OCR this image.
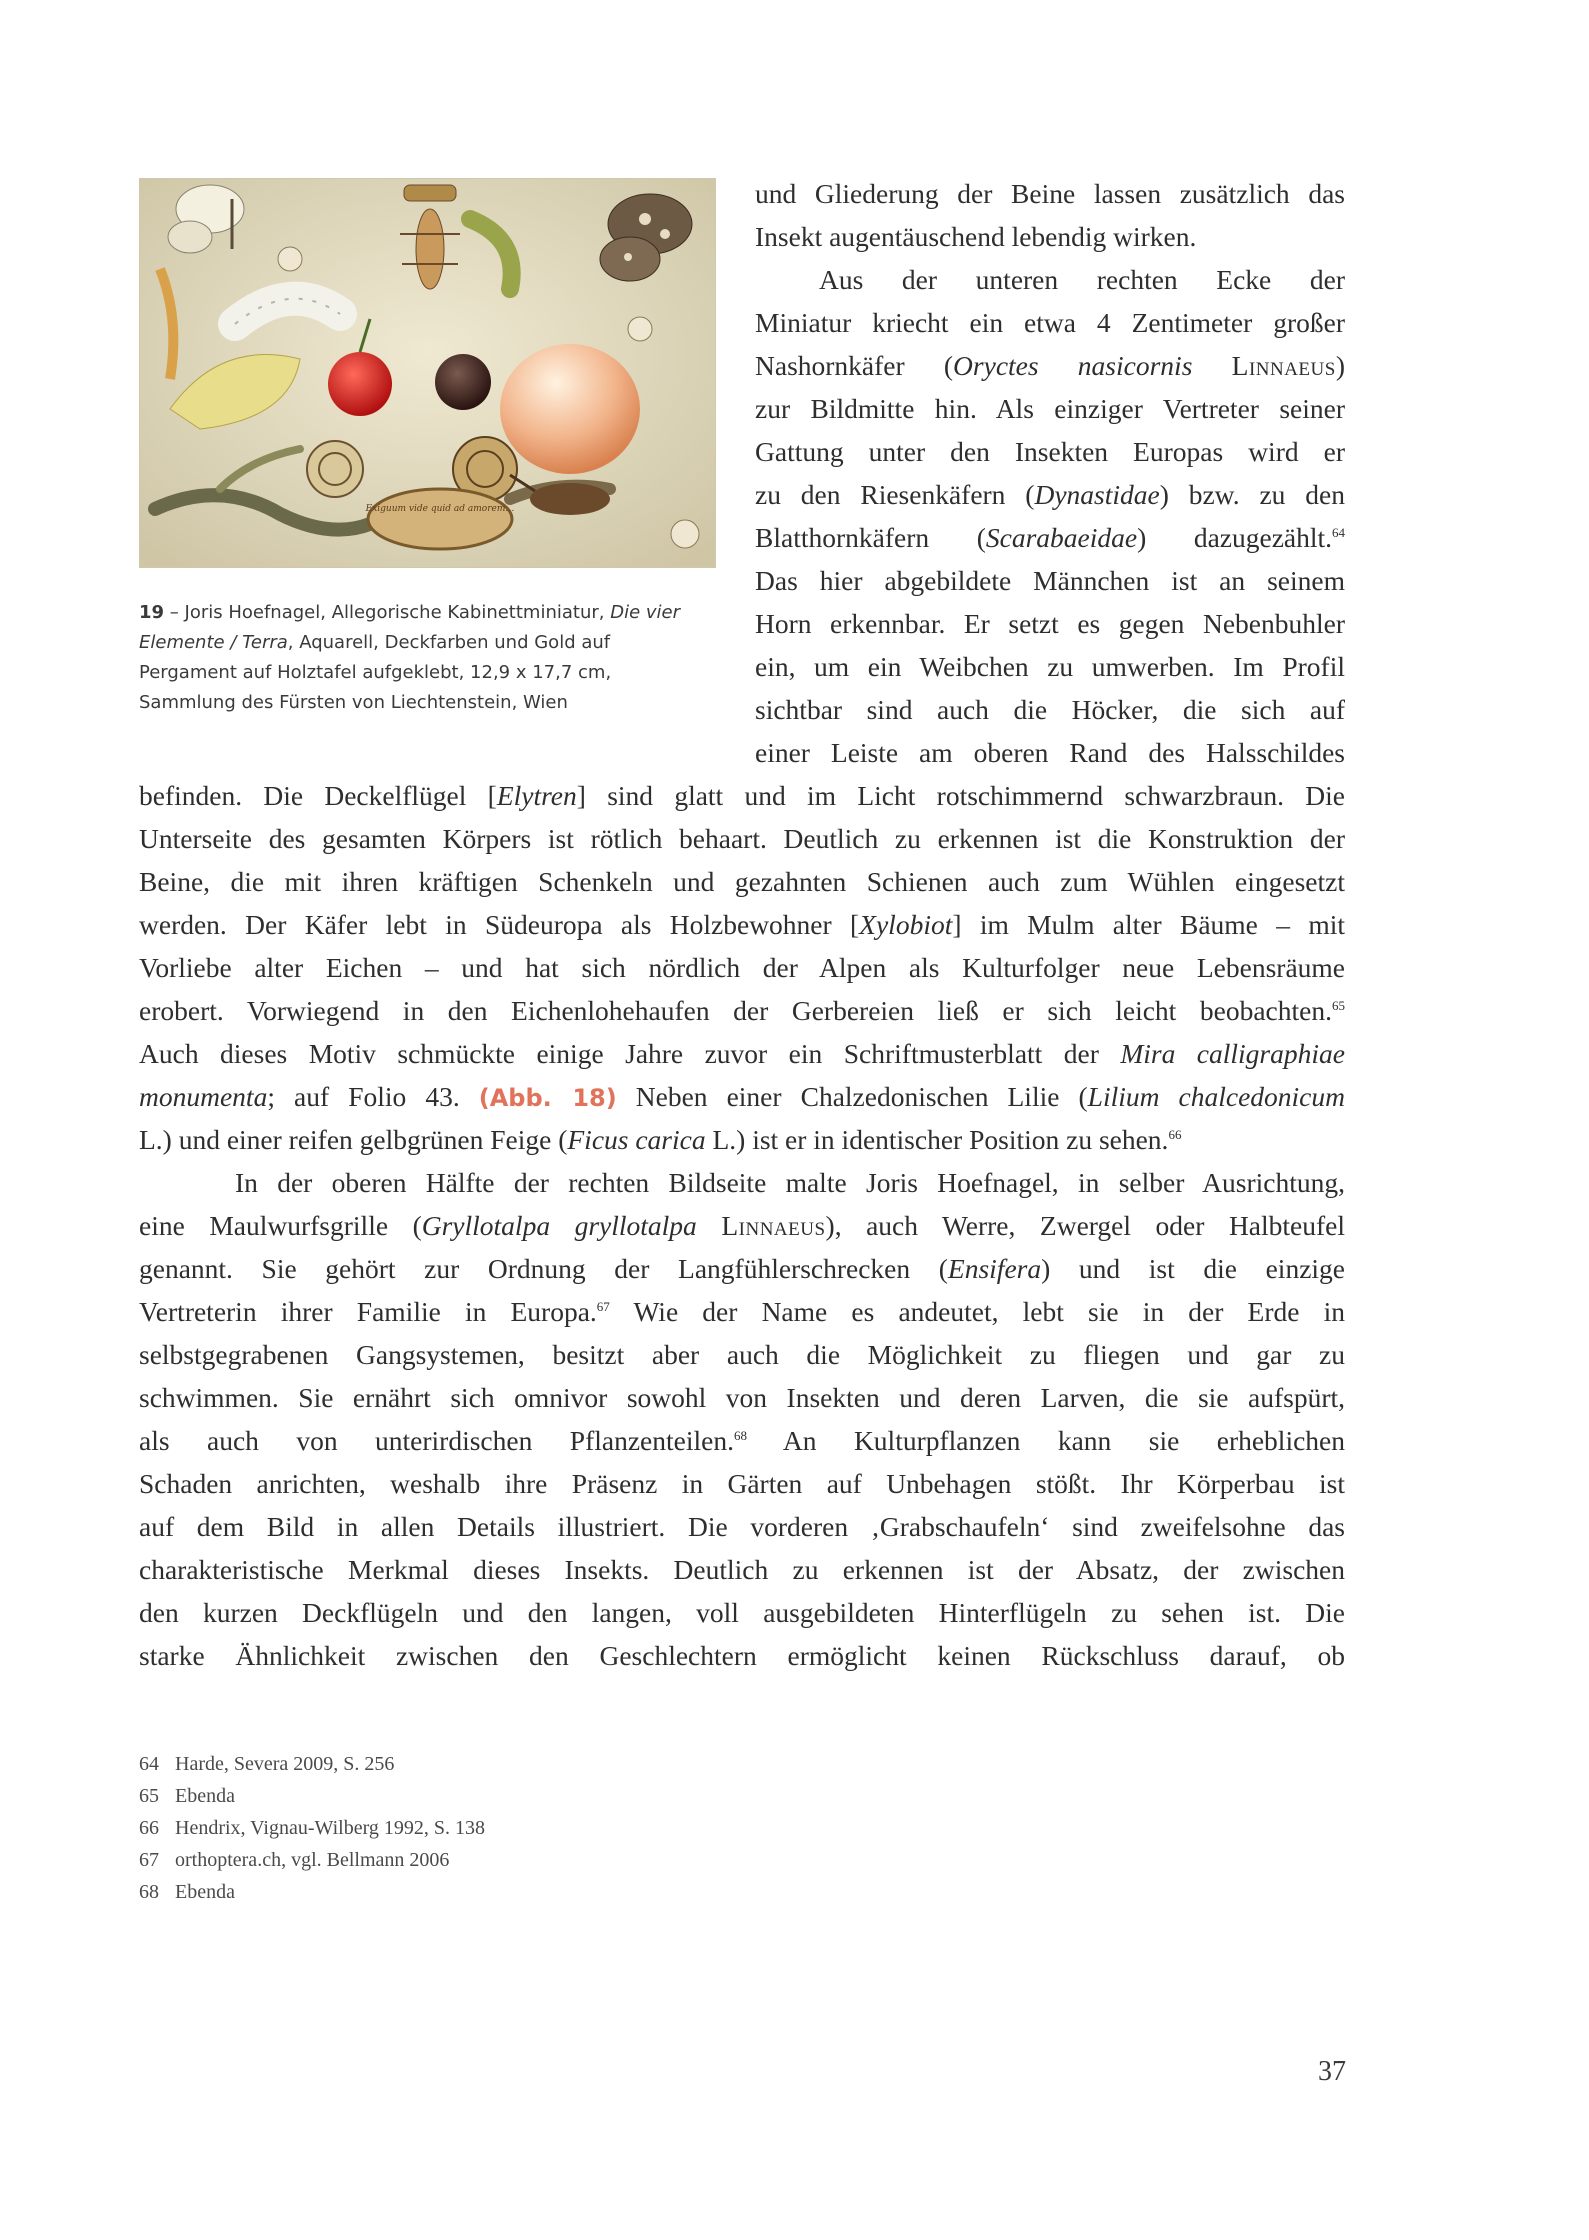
Exiguum vide quid ad amorem…
19 – Joris Hoefnagel, Allegorische Kabinettminiatur, Die vier Elemente / Terra, Aquarell, Deckfarben und Gold auf Pergament auf Holztafel aufgeklebt, 12,9 x 17,7 cm, Sammlung des Fürsten von Liechtenstein, Wien
und Gliederung der Beine lassen zusätzlich das
Insekt augentäuschend lebendig wirken.
Aus der unteren rechten Ecke der
Miniatur kriecht ein etwa 4 Zentimeter großer
Nashornkäfer (Oryctes nasicornis Linnaeus)
zur Bildmitte hin. Als einziger Vertreter seiner
Gattung unter den Insekten Europas wird er
zu den Riesenkäfern (Dynastidae) bzw. zu den
Blatthornkäfern (Scarabaeidae) dazugezählt.$^{64}$
Das hier abgebildete Männchen ist an seinem
Horn erkennbar. Er setzt es gegen Nebenbuhler
ein, um ein Weibchen zu umwerben. Im Profil
sichtbar sind auch die Höcker, die sich auf
einer Leiste am oberen Rand des Halsschildes
befinden. Die Deckelflügel [Elytren] sind glatt und im Licht rotschimmernd schwarzbraun. Die
Unterseite des gesamten Körpers ist rötlich behaart. Deutlich zu erkennen ist die Konstruktion der
Beine, die mit ihren kräftigen Schenkeln und gezahnten Schienen auch zum Wühlen eingesetzt
werden. Der Käfer lebt in Südeuropa als Holzbewohner [Xylobiot] im Mulm alter Bäume – mit
Vorliebe alter Eichen – und hat sich nördlich der Alpen als Kulturfolger neue Lebensräume
erobert. Vorwiegend in den Eichenlohehaufen der Gerbereien ließ er sich leicht beobachten.$^{65}$
Auch dieses Motiv schmückte einige Jahre zuvor ein Schriftmusterblatt der Mira calligraphiae
monumenta; auf Folio 43. (Abb. 18) Neben einer Chalzedonischen Lilie (Lilium chalcedonicum
L.) und einer reifen gelbgrünen Feige (Ficus carica L.) ist er in identischer Position zu sehen.$^{66}$
In der oberen Hälfte der rechten Bildseite malte Joris Hoefnagel, in selber Ausrichtung,
eine Maulwurfsgrille (Gryllotalpa gryllotalpa Linnaeus), auch Werre, Zwergel oder Halbteufel
genannt. Sie gehört zur Ordnung der Langfühlerschrecken (Ensifera) und ist die einzige
Vertreterin ihrer Familie in Europa.$^{67}$ Wie der Name es andeutet, lebt sie in der Erde in
selbstgegrabenen Gangsystemen, besitzt aber auch die Möglichkeit zu fliegen und gar zu
schwimmen. Sie ernährt sich omnivor sowohl von Insekten und deren Larven, die sie aufspürt,
als auch von unterirdischen Pflanzenteilen.$^{68}$ An Kulturpflanzen kann sie erheblichen
Schaden anrichten, weshalb ihre Präsenz in Gärten auf Unbehagen stößt. Ihr Körperbau ist
auf dem Bild in allen Details illustriert. Die vorderen ‚Grabschaufeln‘ sind zweifelsohne das
charakteristische Merkmal dieses Insekts. Deutlich zu erkennen ist der Absatz, der zwischen
den kurzen Deckflügeln und den langen, voll ausgebildeten Hinterflügeln zu sehen ist. Die
starke Ähnlichkeit zwischen den Geschlechtern ermöglicht keinen Rückschluss darauf, ob
64 Harde, Severa 2009, S. 256
65 Ebenda
66 Hendrix, Vignau-Wilberg 1992, S. 138
67 orthoptera.ch, vgl. Bellmann 2006
68 Ebenda
37
